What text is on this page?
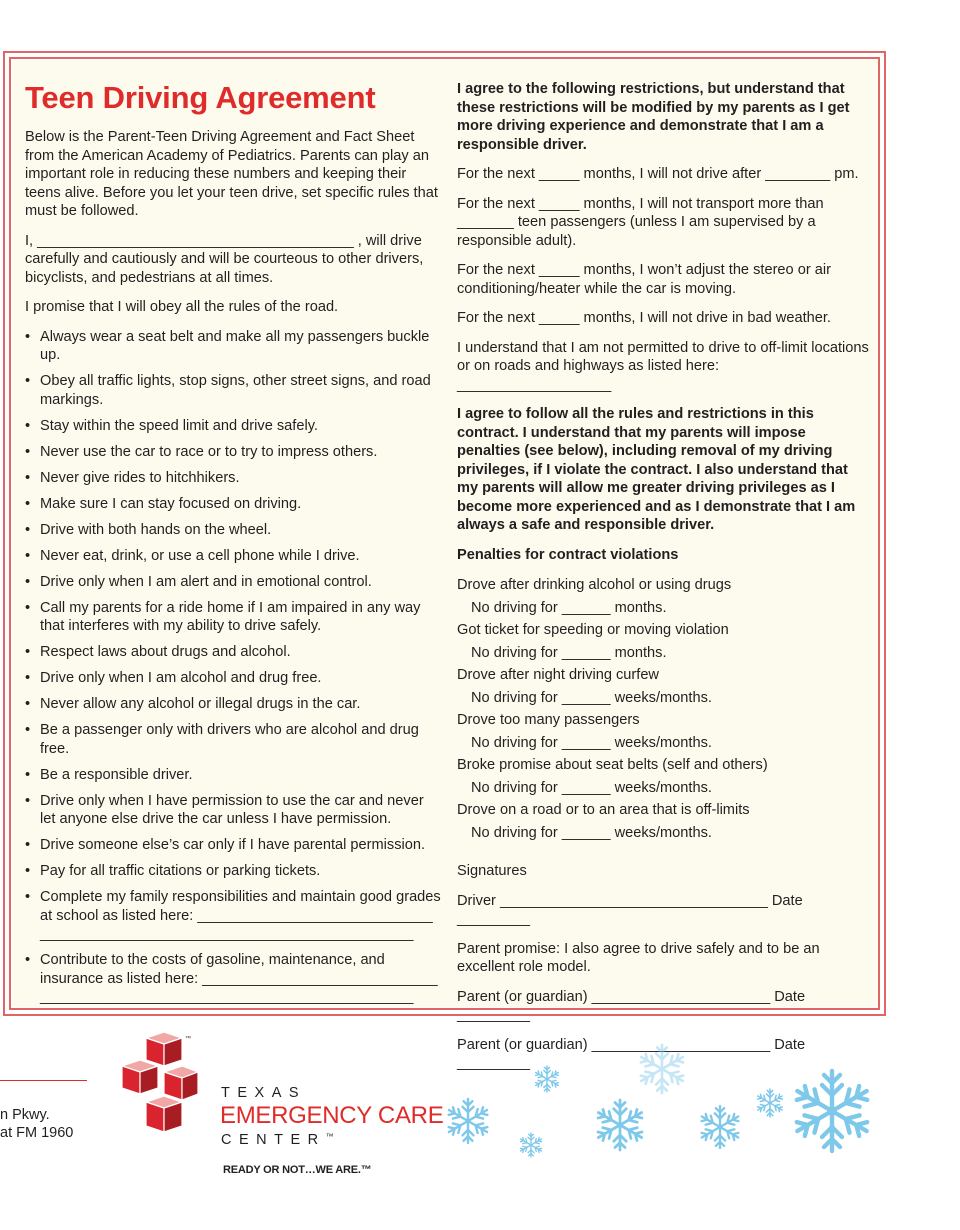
Teen Driving Agreement

Below is the Parent-Teen Driving Agreement and Fact Sheet from the American Academy of Pediatrics. Parents can play an important role in reducing these numbers and keeping their teens alive. Before you let your teen drive, set specific rules that must be followed.

I, _______________________________________ , will drive carefully and cautiously and will be courteous to other drivers, bicyclists, and pedestrians at all times.

I promise that I will obey all the rules of the road.

• Always wear a seat belt and make all my passengers buckle up.
• Obey all traffic lights, stop signs, other street signs, and road markings.
• Stay within the speed limit and drive safely.
• Never use the car to race or to try to impress others.
• Never give rides to hitchhikers.
• Make sure I can stay focused on driving.
• Drive with both hands on the wheel.
• Never eat, drink, or use a cell phone while I drive.
• Drive only when I am alert and in emotional control.
• Call my parents for a ride home if I am impaired in any way that interferes with my ability to drive safely.
• Respect laws about drugs and alcohol.
• Drive only when I am alcohol and drug free.
• Never allow any alcohol or illegal drugs in the car.
• Be a passenger only with drivers who are alcohol and drug free.
• Be a responsible driver.
• Drive only when I have permission to use the car and never let anyone else drive the car unless I have permission.
• Drive someone else’s car only if I have parental permission.
• Pay for all traffic citations or parking tickets.
• Complete my family responsibilities and maintain good grades at school as listed here: _____________________________
______________________________________________
• Contribute to the costs of gasoline, maintenance, and insurance as listed here: _____________________________
______________________________________________

I agree to the following restrictions, but understand that these restrictions will be modified by my parents as I get more driving experience and demonstrate that I am a responsible driver.

For the next _____ months, I will not drive after ________ pm.

For the next _____ months, I will not transport more than _______ teen passengers (unless I am supervised by a responsible adult).

For the next _____ months, I won’t adjust the stereo or air conditioning/heater while the car is moving.

For the next _____ months, I will not drive in bad weather.

I understand that I am not permitted to drive to off-limit locations or on roads and highways as listed here: ___________________

I agree to follow all the rules and restrictions in this contract. I understand that my parents will impose penalties (see below), including removal of my driving privileges, if I violate the contract. I also understand that my parents will allow me greater driving privileges as I become more experienced and as I demonstrate that I am always a safe and responsible driver.

Penalties for contract violations
Drove after drinking alcohol or using drugs
No driving for ______ months.
Got ticket for speeding or moving violation
No driving for ______ months.
Drove after night driving curfew
No driving for ______ weeks/months.
Drove too many passengers
No driving for ______ weeks/months.
Broke promise about seat belts (self and others)
No driving for ______ weeks/months.
Drove on a road or to an area that is off-limits
No driving for ______ weeks/months.
Signatures

Driver _________________________________ Date _________

Parent promise: I also agree to drive safely and to be an excellent role model.

Parent (or guardian) ______________________ Date _________

Parent (or guardian) ______________________ Date _________

n Pkwy.
at FM 1960
™
TEXAS
EMERGENCY CARE
CENTER™
READY OR NOT…WE ARE.™
